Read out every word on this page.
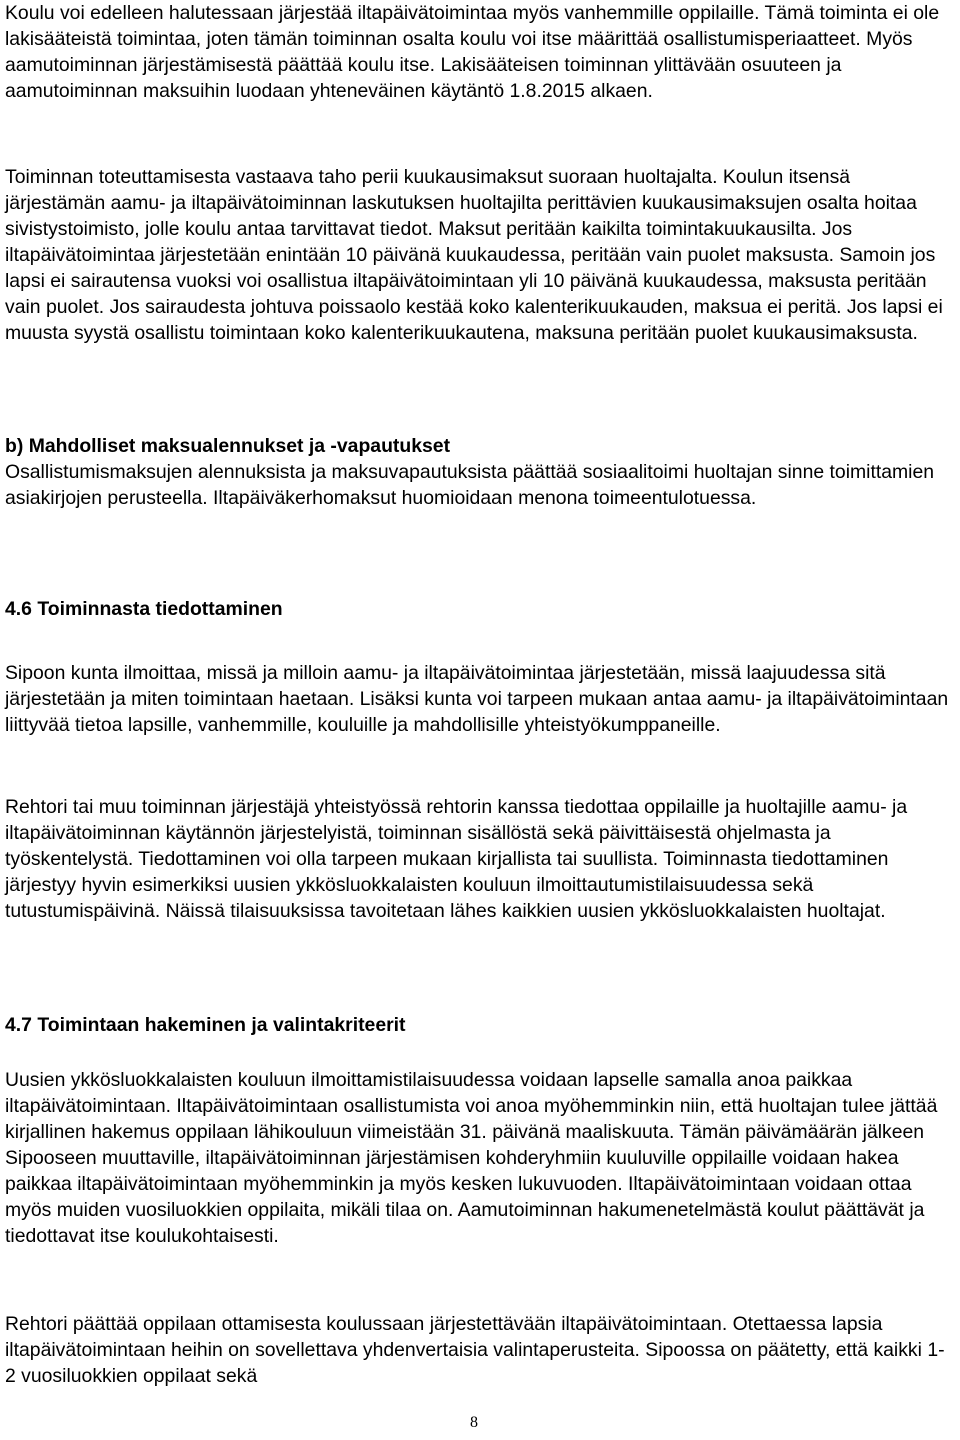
Koulu voi edelleen halutessaan järjestää iltapäivätoimintaa myös vanhemmille oppilaille. Tämä toiminta ei ole lakisääteistä toimintaa, joten tämän toiminnan osalta koulu voi itse määrittää osallistumisperiaatteet. Myös aamutoiminnan järjestämisestä päättää koulu itse. Lakisääteisen toiminnan ylittävään osuuteen ja aamutoiminnan maksuihin luodaan yhteneväinen käytäntö 1.8.2015 alkaen.

Toiminnan toteuttamisesta vastaava taho perii kuukausimaksut suoraan huoltajalta. Koulun itsensä järjestämän aamu- ja iltapäivätoiminnan laskutuksen huoltajilta perittävien kuukausimaksujen osalta hoitaa sivistystoimisto, jolle koulu antaa tarvittavat tiedot. Maksut peritään kaikilta toimintakuukausilta. Jos iltapäivätoimintaa järjestetään enintään 10 päivänä kuukaudessa, peritään vain puolet maksusta. Samoin jos lapsi ei sairautensa vuoksi voi osallistua iltapäivätoimintaan yli 10 päivänä kuukaudessa, maksusta peritään vain puolet. Jos sairaudesta johtuva poissaolo kestää koko kalenterikuukauden, maksua ei peritä. Jos lapsi ei muusta syystä osallistu toimintaan koko kalenterikuukautena, maksuna peritään puolet kuukausimaksusta.

b) Mahdolliset maksualennukset ja -vapautukset

Osallistumismaksujen alennuksista ja maksuvapautuksista päättää sosiaalitoimi huoltajan sinne toimittamien asiakirjojen perusteella. Iltapäiväkerhomaksut huomioidaan menona toimeentulotuessa.

4.6 Toiminnasta tiedottaminen

Sipoon kunta ilmoittaa, missä ja milloin aamu- ja iltapäivätoimintaa järjestetään, missä laajuudessa sitä järjestetään ja miten toimintaan haetaan. Lisäksi kunta voi tarpeen mukaan antaa aamu- ja iltapäivätoimintaan liittyvää tietoa lapsille, vanhemmille, kouluille ja mahdollisille yhteistyökumppaneille.

Rehtori tai muu toiminnan järjestäjä yhteistyössä rehtorin kanssa tiedottaa oppilaille ja huoltajille aamu- ja iltapäivätoiminnan käytännön järjestelyistä, toiminnan sisällöstä sekä päivittäisestä ohjelmasta ja työskentelystä. Tiedottaminen voi olla tarpeen mukaan kirjallista tai suullista. Toiminnasta tiedottaminen järjestyy hyvin esimerkiksi uusien ykkösluokkalaisten kouluun ilmoittautumistilaisuudessa sekä tutustumispäivinä. Näissä tilaisuuksissa tavoitetaan lähes kaikkien uusien ykkösluokkalaisten huoltajat.

4.7 Toimintaan hakeminen ja valintakriteerit

Uusien ykkösluokkalaisten kouluun ilmoittamistilaisuudessa voidaan lapselle samalla anoa paikkaa iltapäivätoimintaan. Iltapäivätoimintaan osallistumista voi anoa myöhemminkin niin, että huoltajan tulee jättää kirjallinen hakemus oppilaan lähikouluun viimeistään 31. päivänä maaliskuuta. Tämän päivämäärän jälkeen Sipooseen muuttaville, iltapäivätoiminnan järjestämisen kohderyhmiin kuuluville oppilaille voidaan hakea paikkaa iltapäivätoimintaan myöhemminkin ja myös kesken lukuvuoden. Iltapäivätoimintaan voidaan ottaa myös muiden vuosiluokkien oppilaita, mikäli tilaa on. Aamutoiminnan hakumenetelmästä koulut päättävät ja tiedottavat itse koulukohtaisesti.

Rehtori päättää oppilaan ottamisesta koulussaan järjestettävään iltapäivätoimintaan. Otettaessa lapsia iltapäivätoimintaan heihin on sovellettava yhdenvertaisia valintaperusteita. Sipoossa on päätetty, että kaikki 1-2 vuosiluokkien oppilaat sekä

8
